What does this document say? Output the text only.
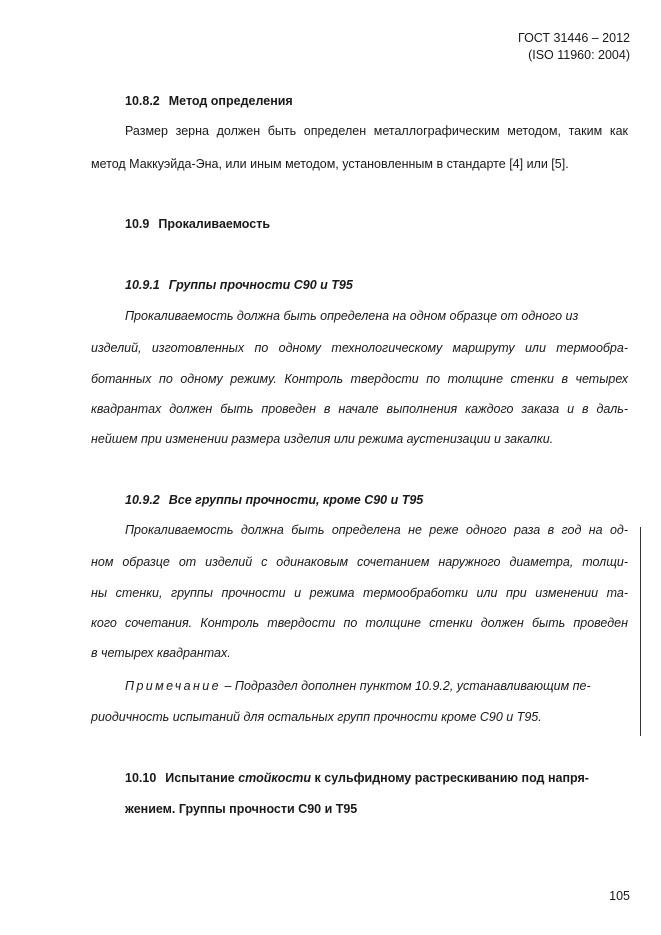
ГОСТ 31446 – 2012
(ISO 11960: 2004)
10.8.2 Метод определения
Размер зерна должен быть определен металлографическим методом, таким как
метод Маккуэйда-Эна, или иным методом, установленным в стандарте [4] или [5].
10.9 Прокаливаемость
10.9.1 Группы прочности С90 и Т95
Прокаливаемость должна быть определена на одном образце от одного из
изделий, изготовленных по одному технологическому маршруту или термообра-
ботанных по одному режиму. Контроль твердости по толщине стенки в четырех
квадрантах должен быть проведен в начале выполнения каждого заказа и в даль-
нейшем при изменении размера изделия или режима аустенизации и закалки.
10.9.2 Все группы прочности, кроме С90 и Т95
Прокаливаемость должна быть определена не реже одного раза в год на од-
ном образце от изделий с одинаковым сочетанием наружного диаметра, толщи-
ны стенки, группы прочности и режима термообработки или при изменении та-
кого сочетания. Контроль твердости по толщине стенки должен быть проведен
в четырех квадрантах.
Примечание – Подраздел дополнен пунктом 10.9.2, устанавливающим пе-
риодичность испытаний для остальных групп прочности кроме С90 и Т95.
10.10 Испытание стойкости к сульфидному растрескиванию под напря-
жением. Группы прочности С90 и Т95
105
